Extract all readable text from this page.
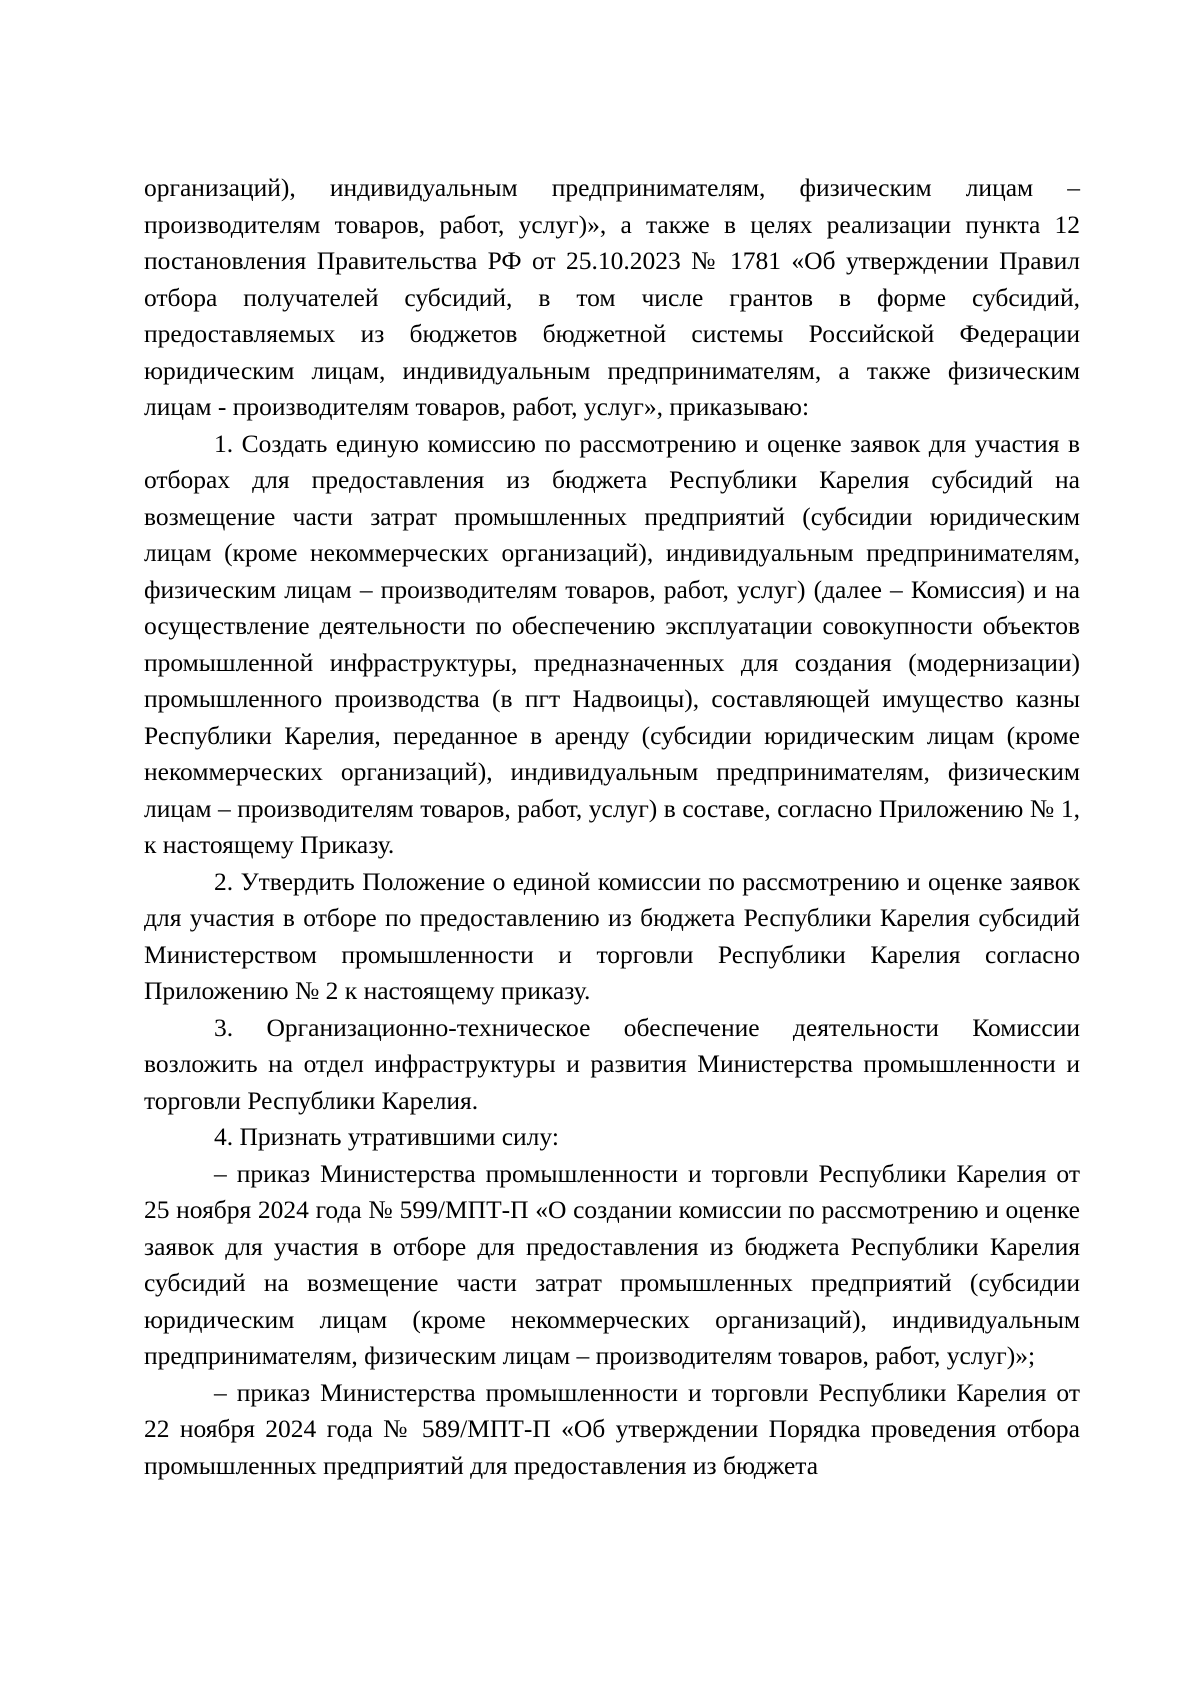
организаций), индивидуальным предпринимателям, физическим лицам – производителям товаров, работ, услуг)», а также в целях реализации пункта 12 постановления Правительства РФ от 25.10.2023 № 1781 «Об утверждении Правил отбора получателей субсидий, в том числе грантов в форме субсидий, предоставляемых из бюджетов бюджетной системы Российской Федерации юридическим лицам, индивидуальным предпринимателям, а также физическим лицам - производителям товаров, работ, услуг», приказываю:

1. Создать единую комиссию по рассмотрению и оценке заявок для участия в отборах для предоставления из бюджета Республики Карелия субсидий на возмещение части затрат промышленных предприятий (субсидии юридическим лицам (кроме некоммерческих организаций), индивидуальным предпринимателям, физическим лицам – производителям товаров, работ, услуг) (далее – Комиссия) и на осуществление деятельности по обеспечению эксплуатации совокупности объектов промышленной инфраструктуры, предназначенных для создания (модернизации) промышленного производства (в пгт Надвоицы), составляющей имущество казны Республики Карелия, переданное в аренду (субсидии юридическим лицам (кроме некоммерческих организаций), индивидуальным предпринимателям, физическим лицам – производителям товаров, работ, услуг) в составе, согласно Приложению № 1, к настоящему Приказу.

2. Утвердить Положение о единой комиссии по рассмотрению и оценке заявок для участия в отборе по предоставлению из бюджета Республики Карелия субсидий Министерством промышленности и торговли Республики Карелия согласно Приложению № 2 к настоящему приказу.

3. Организационно-техническое обеспечение деятельности Комиссии возложить на отдел инфраструктуры и развития Министерства промышленности и торговли Республики Карелия.

4. Признать утратившими силу:

– приказ Министерства промышленности и торговли Республики Карелия от 25 ноября 2024 года № 599/МПТ-П «О создании комиссии по рассмотрению и оценке заявок для участия в отборе для предоставления из бюджета Республики Карелия субсидий на возмещение части затрат промышленных предприятий (субсидии юридическим лицам (кроме некоммерческих организаций), индивидуальным предпринимателям, физическим лицам – производителям товаров, работ, услуг)»;

– приказ Министерства промышленности и торговли Республики Карелия от 22 ноября 2024 года № 589/МПТ-П «Об утверждении Порядка проведения отбора промышленных предприятий для предоставления из бюджета
